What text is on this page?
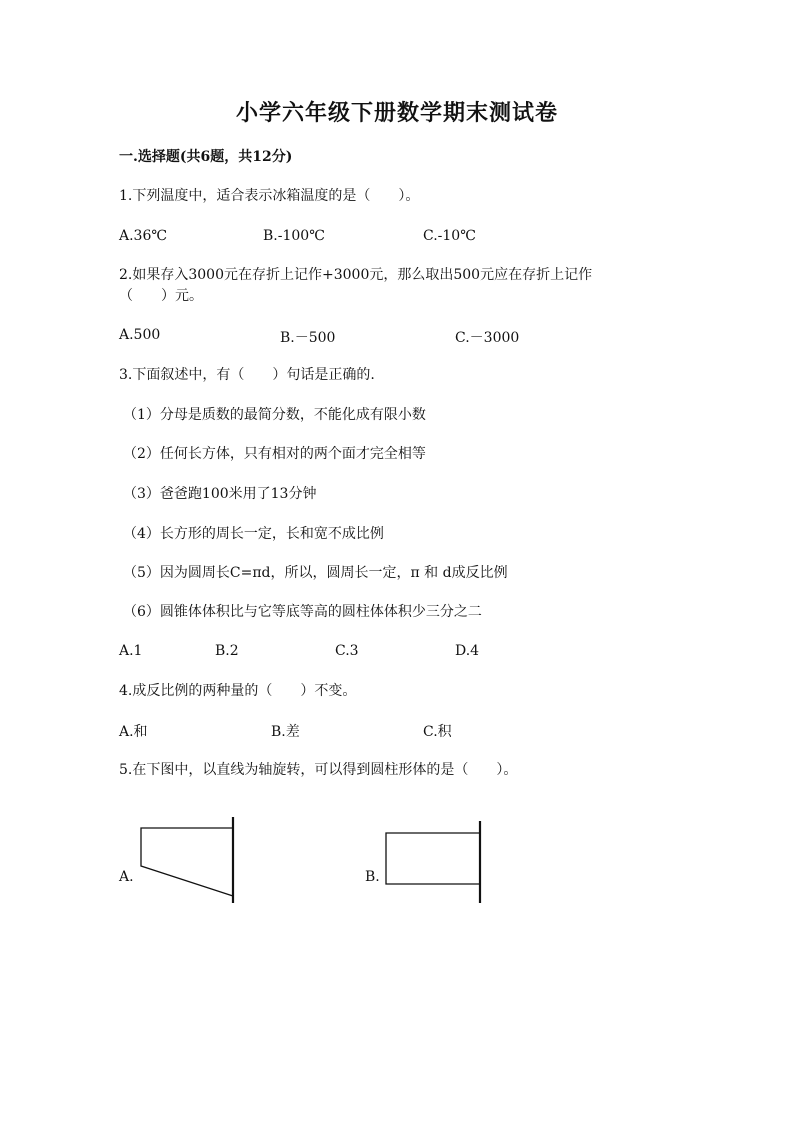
小学六年级下册数学期末测试卷
一.选择题(共6题，共12分)
1.下列温度中，适合表示冰箱温度的是（　　）。
A.36℃	B.-100℃	C.-10℃
2.如果存入3000元在存折上记作+3000元，那么取出500元应在存折上记作
（　　）元。
A.500	B.－500	C.－3000
3.下面叙述中，有（　　）句话是正确的.
（1）分母是质数的最简分数，不能化成有限小数
（2）任何长方体，只有相对的两个面才完全相等
（3）爸爸跑100米用了13分钟
（4）长方形的周长一定，长和宽不成比例
（5）因为圆周长C=πd，所以，圆周长一定，π 和 d成反比例
（6）圆锥体体积比与它等底等高的圆柱体体积少三分之二
A.1	B.2	C.3	D.4
4.成反比例的两种量的（　　）不变。
A.和	B.差	C.积
5.在下图中，以直线为轴旋转，可以得到圆柱形体的是（　　）。
A.	B.
